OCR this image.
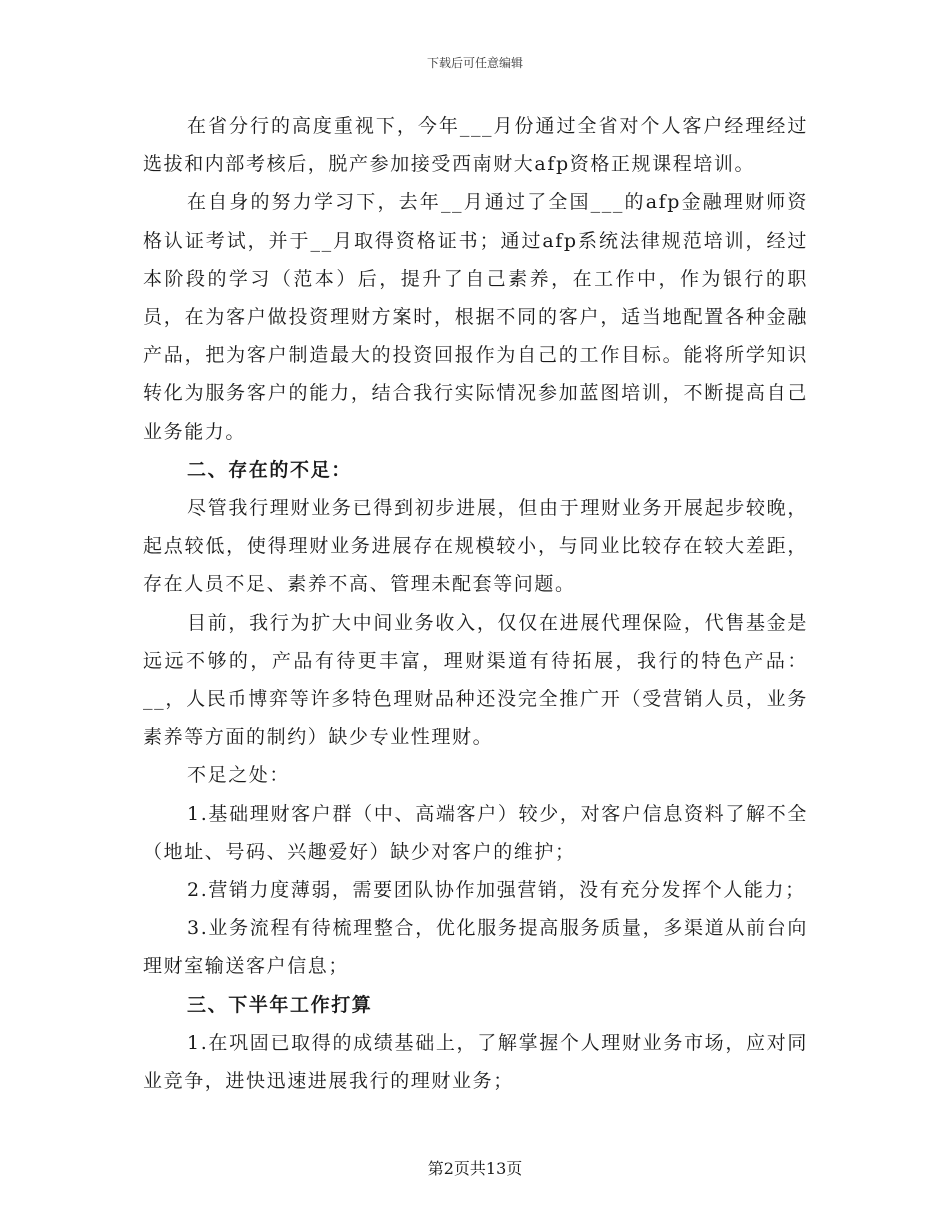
下载后可任意编辑

在省分行的高度重视下，今年___月份通过全省对个人客户经理经过选拔和内部考核后，脱产参加接受西南财大afp资格正规课程培训。

在自身的努力学习下，去年__月通过了全国___的afp金融理财师资格认证考试，并于__月取得资格证书；通过afp系统法律规范培训，经过本阶段的学习（范本）后，提升了自己素养，在工作中，作为银行的职员，在为客户做投资理财方案时，根据不同的客户，适当地配置各种金融产品，把为客户制造最大的投资回报作为自己的工作目标。能将所学知识转化为服务客户的能力，结合我行实际情况参加蓝图培训，不断提高自己业务能力。

二、存在的不足：

尽管我行理财业务已得到初步进展，但由于理财业务开展起步较晚，起点较低，使得理财业务进展存在规模较小，与同业比较存在较大差距，存在人员不足、素养不高、管理未配套等问题。

目前，我行为扩大中间业务收入，仅仅在进展代理保险，代售基金是远远不够的，产品有待更丰富，理财渠道有待拓展，我行的特色产品：__，人民币博弈等许多特色理财品种还没完全推广开（受营销人员，业务素养等方面的制约）缺少专业性理财。

不足之处：

1.基础理财客户群（中、高端客户）较少，对客户信息资料了解不全（地址、号码、兴趣爱好）缺少对客户的维护；

2.营销力度薄弱，需要团队协作加强营销，没有充分发挥个人能力；

3.业务流程有待梳理整合，优化服务提高服务质量，多渠道从前台向理财室输送客户信息；

三、下半年工作打算

1.在巩固已取得的成绩基础上，了解掌握个人理财业务市场，应对同业竞争，进快迅速进展我行的理财业务；

第2页共13页
